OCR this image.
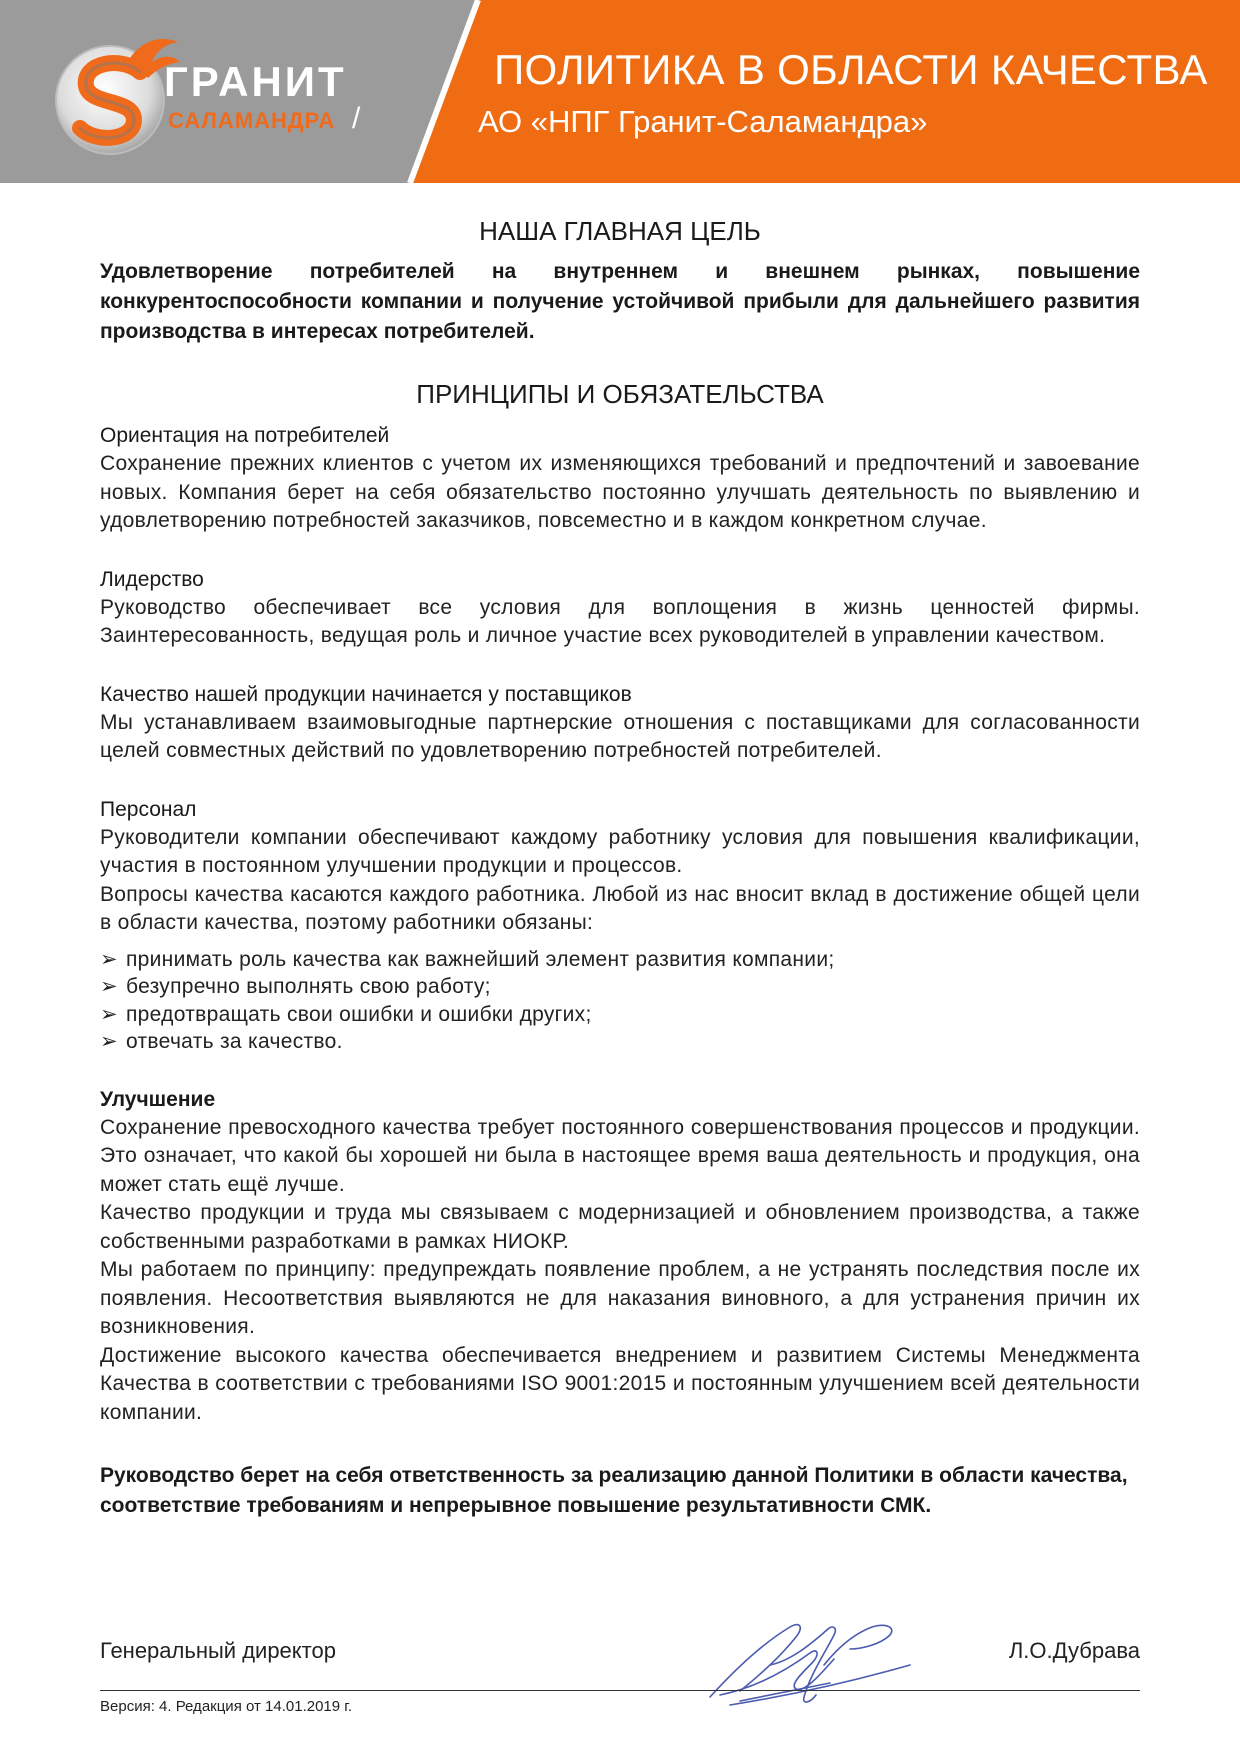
ГРАНИТ
САЛАМАНДРА /
ПОЛИТИКА В ОБЛАСТИ КАЧЕСТВА
АО «НПГ Гранит-Саламандра»
НАША ГЛАВНАЯ ЦЕЛЬ

Удовлетворение потребителей на внутреннем и внешнем рынках, повышение конкурентоспособности компании и получение устойчивой прибыли для дальнейшего развития производства в интересах потребителей.

ПРИНЦИПЫ И ОБЯЗАТЕЛЬСТВА

Ориентация на потребителей

Сохранение прежних клиентов с учетом их изменяющихся требований и предпочтений и завоевание новых. Компания берет на себя обязательство постоянно улучшать деятельность по выявлению и удовлетворению потребностей заказчиков, повсеместно и в каждом конкретном случае.

Лидерство

Руководство обеспечивает все условия для воплощения в жизнь ценностей фирмы. Заинтересованность, ведущая роль и личное участие всех руководителей в управлении качеством.

Качество нашей продукции начинается у поставщиков

Мы устанавливаем взаимовыгодные партнерские отношения с поставщиками для согласованности целей совместных действий по удовлетворению потребностей потребителей.

Персонал

Руководители компании обеспечивают каждому работнику условия для повышения квалификации, участия в постоянном улучшении продукции и процессов.

Вопросы качества касаются каждого работника. Любой из нас вносит вклад в достижение общей цели в области качества, поэтому работники обязаны:

➢ принимать роль качества как важнейший элемент развития компании;
➢ безупречно выполнять свою работу;
➢ предотвращать свои ошибки и ошибки других;
➢ отвечать за качество.

Улучшение

Сохранение превосходного качества требует постоянного совершенствования процессов и продукции. Это означает, что какой бы хорошей ни была в настоящее время ваша деятельность и продукция, она может стать ещё лучше.

Качество продукции и труда мы связываем с модернизацией и обновлением производства, а также собственными разработками в рамках НИОКР.

Мы работаем по принципу: предупреждать появление проблем, а не устранять последствия после их появления. Несоответствия выявляются не для наказания виновного, а для устранения причин их возникновения.

Достижение высокого качества обеспечивается внедрением и развитием Системы Менеджмента Качества в соответствии с требованиями ISO 9001:2015 и постоянным улучшением всей деятельности компании.

Руководство берет на себя ответственность за реализацию данной Политики в области качества, соответствие требованиям и непрерывное повышение результативности СМК.

Генеральный директор	Л.О.Дубрава
Версия: 4. Редакция от 14.01.2019 г.
